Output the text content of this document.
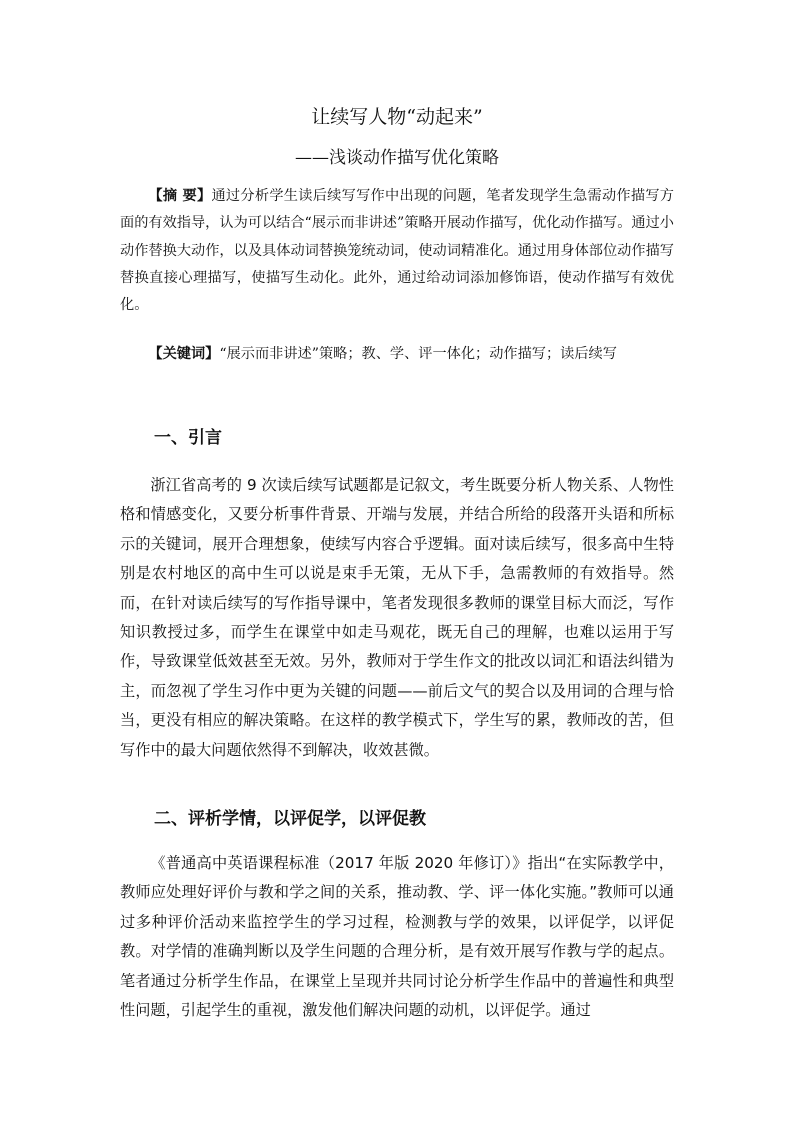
让续写人物“动起来”

——浅谈动作描写优化策略

【摘 要】通过分析学生读后续写写作中出现的问题，笔者发现学生急需动作描写方面的有效指导，认为可以结合“展示而非讲述”策略开展动作描写，优化动作描写。通过小动作替换大动作，以及具体动词替换笼统动词，使动词精准化。通过用身体部位动作描写替换直接心理描写，使描写生动化。此外，通过给动词添加修饰语，使动作描写有效优化。

【关键词】“展示而非讲述”策略；教、学、评一体化；动作描写；读后续写

一、引言

浙江省高考的 9 次读后续写试题都是记叙文，考生既要分析人物关系、人物性格和情感变化，又要分析事件背景、开端与发展，并结合所给的段落开头语和所标示的关键词，展开合理想象，使续写内容合乎逻辑。面对读后续写，很多高中生特别是农村地区的高中生可以说是束手无策，无从下手，急需教师的有效指导。然而，在针对读后续写的写作指导课中，笔者发现很多教师的课堂目标大而泛，写作知识教授过多，而学生在课堂中如走马观花，既无自己的理解，也难以运用于写作，导致课堂低效甚至无效。另外，教师对于学生作文的批改以词汇和语法纠错为主，而忽视了学生习作中更为关键的问题——前后文气的契合以及用词的合理与恰当，更没有相应的解决策略。在这样的教学模式下，学生写的累，教师改的苦，但写作中的最大问题依然得不到解决，收效甚微。

二、评析学情，以评促学，以评促教

《普通高中英语课程标准（2017 年版 2020 年修订）》指出“在实际教学中，教师应处理好评价与教和学之间的关系，推动教、学、评一体化实施。”教师可以通过多种评价活动来监控学生的学习过程，检测教与学的效果，以评促学，以评促教。对学情的准确判断以及学生问题的合理分析，是有效开展写作教与学的起点。笔者通过分析学生作品，在课堂上呈现并共同讨论分析学生作品中的普遍性和典型性问题，引起学生的重视，激发他们解决问题的动机，以评促学。通过
